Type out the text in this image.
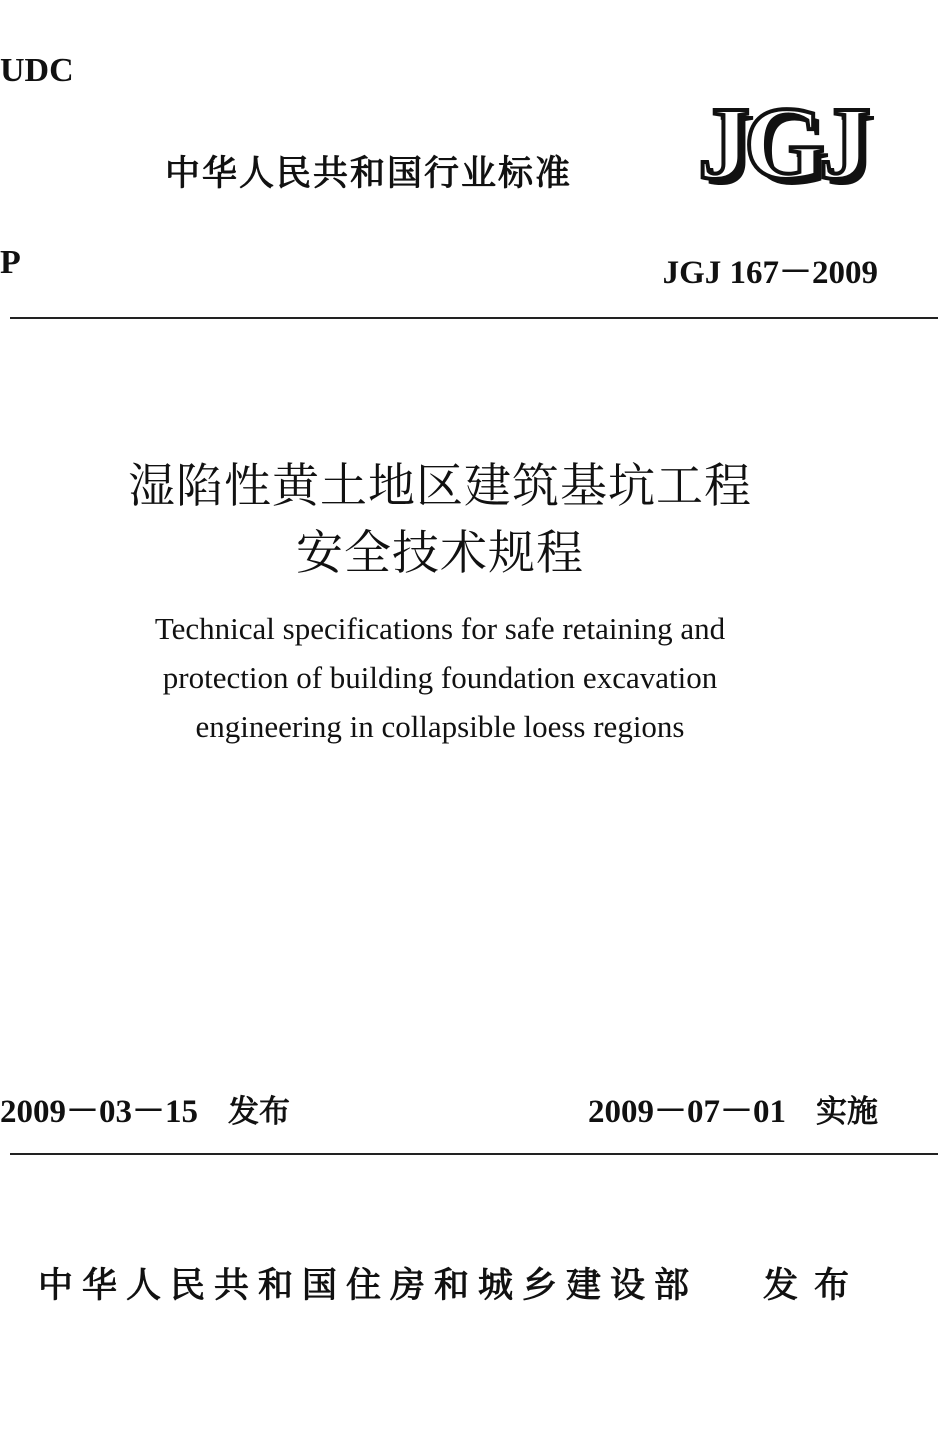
UDC
中华人民共和国行业标准 JGJ
P	JGJ 167－2009
湿陷性黄土地区建筑基坑工程
安全技术规程
Technical specifications for safe retaining and
protection of building foundation excavation
engineering in collapsible loess regions
2009－03－15 发布	2009－07－01 实施
中华人民共和国住房和城乡建设部 发布
